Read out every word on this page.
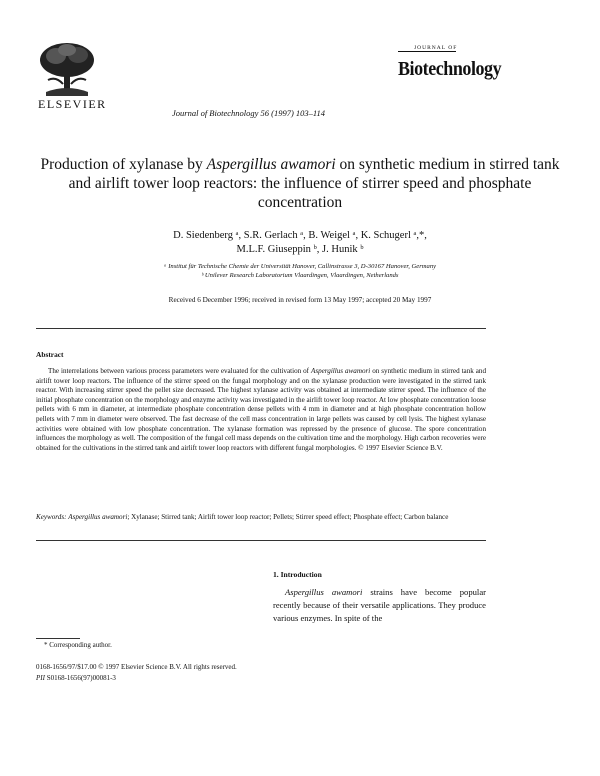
ELSEVIER
Journal of Biotechnology 56 (1997) 103–114
JOURNAL OF
Biotechnology
Production of xylanase by Aspergillus awamori on synthetic medium in stirred tank and airlift tower loop reactors: the influence of stirrer speed and phosphate concentration
D. Siedenberg ᵃ, S.R. Gerlach ᵃ, B. Weigel ᵃ, K. Schugerl ᵃ,*,
M.L.F. Giuseppin ᵇ, J. Hunik ᵇ
ᵃ Institut für Technische Chemie der Universität Hanover, Callinstrasse 3, D-30167 Hanover, Germany
ᵇ Unilever Research Laboratorium Vlaardingen, Vlaardingen, Netherlands
Received 6 December 1996; received in revised form 13 May 1997; accepted 20 May 1997
Abstract
The interrelations between various process parameters were evaluated for the cultivation of Aspergillus awamori on synthetic medium in stirred tank and airlift tower loop reactors. The influence of the stirrer speed on the fungal morphology and on the xylanase production were investigated in the stirred tank reactor. With increasing stirrer speed the pellet size decreased. The highest xylanase activity was obtained at intermediate stirrer speed. The influence of the initial phosphate concentration on the morphology and enzyme activity was investigated in the airlift tower loop reactor. At low phosphate concentration loose pellets with 6 mm in diameter, at intermediate phosphate concentration dense pellets with 4 mm in diameter and at high phosphate concentration hollow pellets with 7 mm in diameter were observed. The fast decrease of the cell mass concentration in large pellets was caused by cell lysis. The highest xylanase activities were obtained with low phosphate concentration. The xylanase formation was repressed by the presence of glucose. The spore concentration influences the morphology as well. The composition of the fungal cell mass depends on the cultivation time and the morphology. High carbon recoveries were obtained for the cultivations in the stirred tank and airlift tower loop reactors with different fungal morphologies. © 1997 Elsevier Science B.V.
Keywords: Aspergillus awamori; Xylanase; Stirred tank; Airlift tower loop reactor; Pellets; Stirrer speed effect; Phosphate effect; Carbon balance
1. Introduction
Aspergillus awamori strains have become popular recently because of their versatile applications. They produce various enzymes. In spite of the
* Corresponding author.
0168-1656/97/$17.00 © 1997 Elsevier Science B.V. All rights reserved.
PII S0168-1656(97)00081-3
